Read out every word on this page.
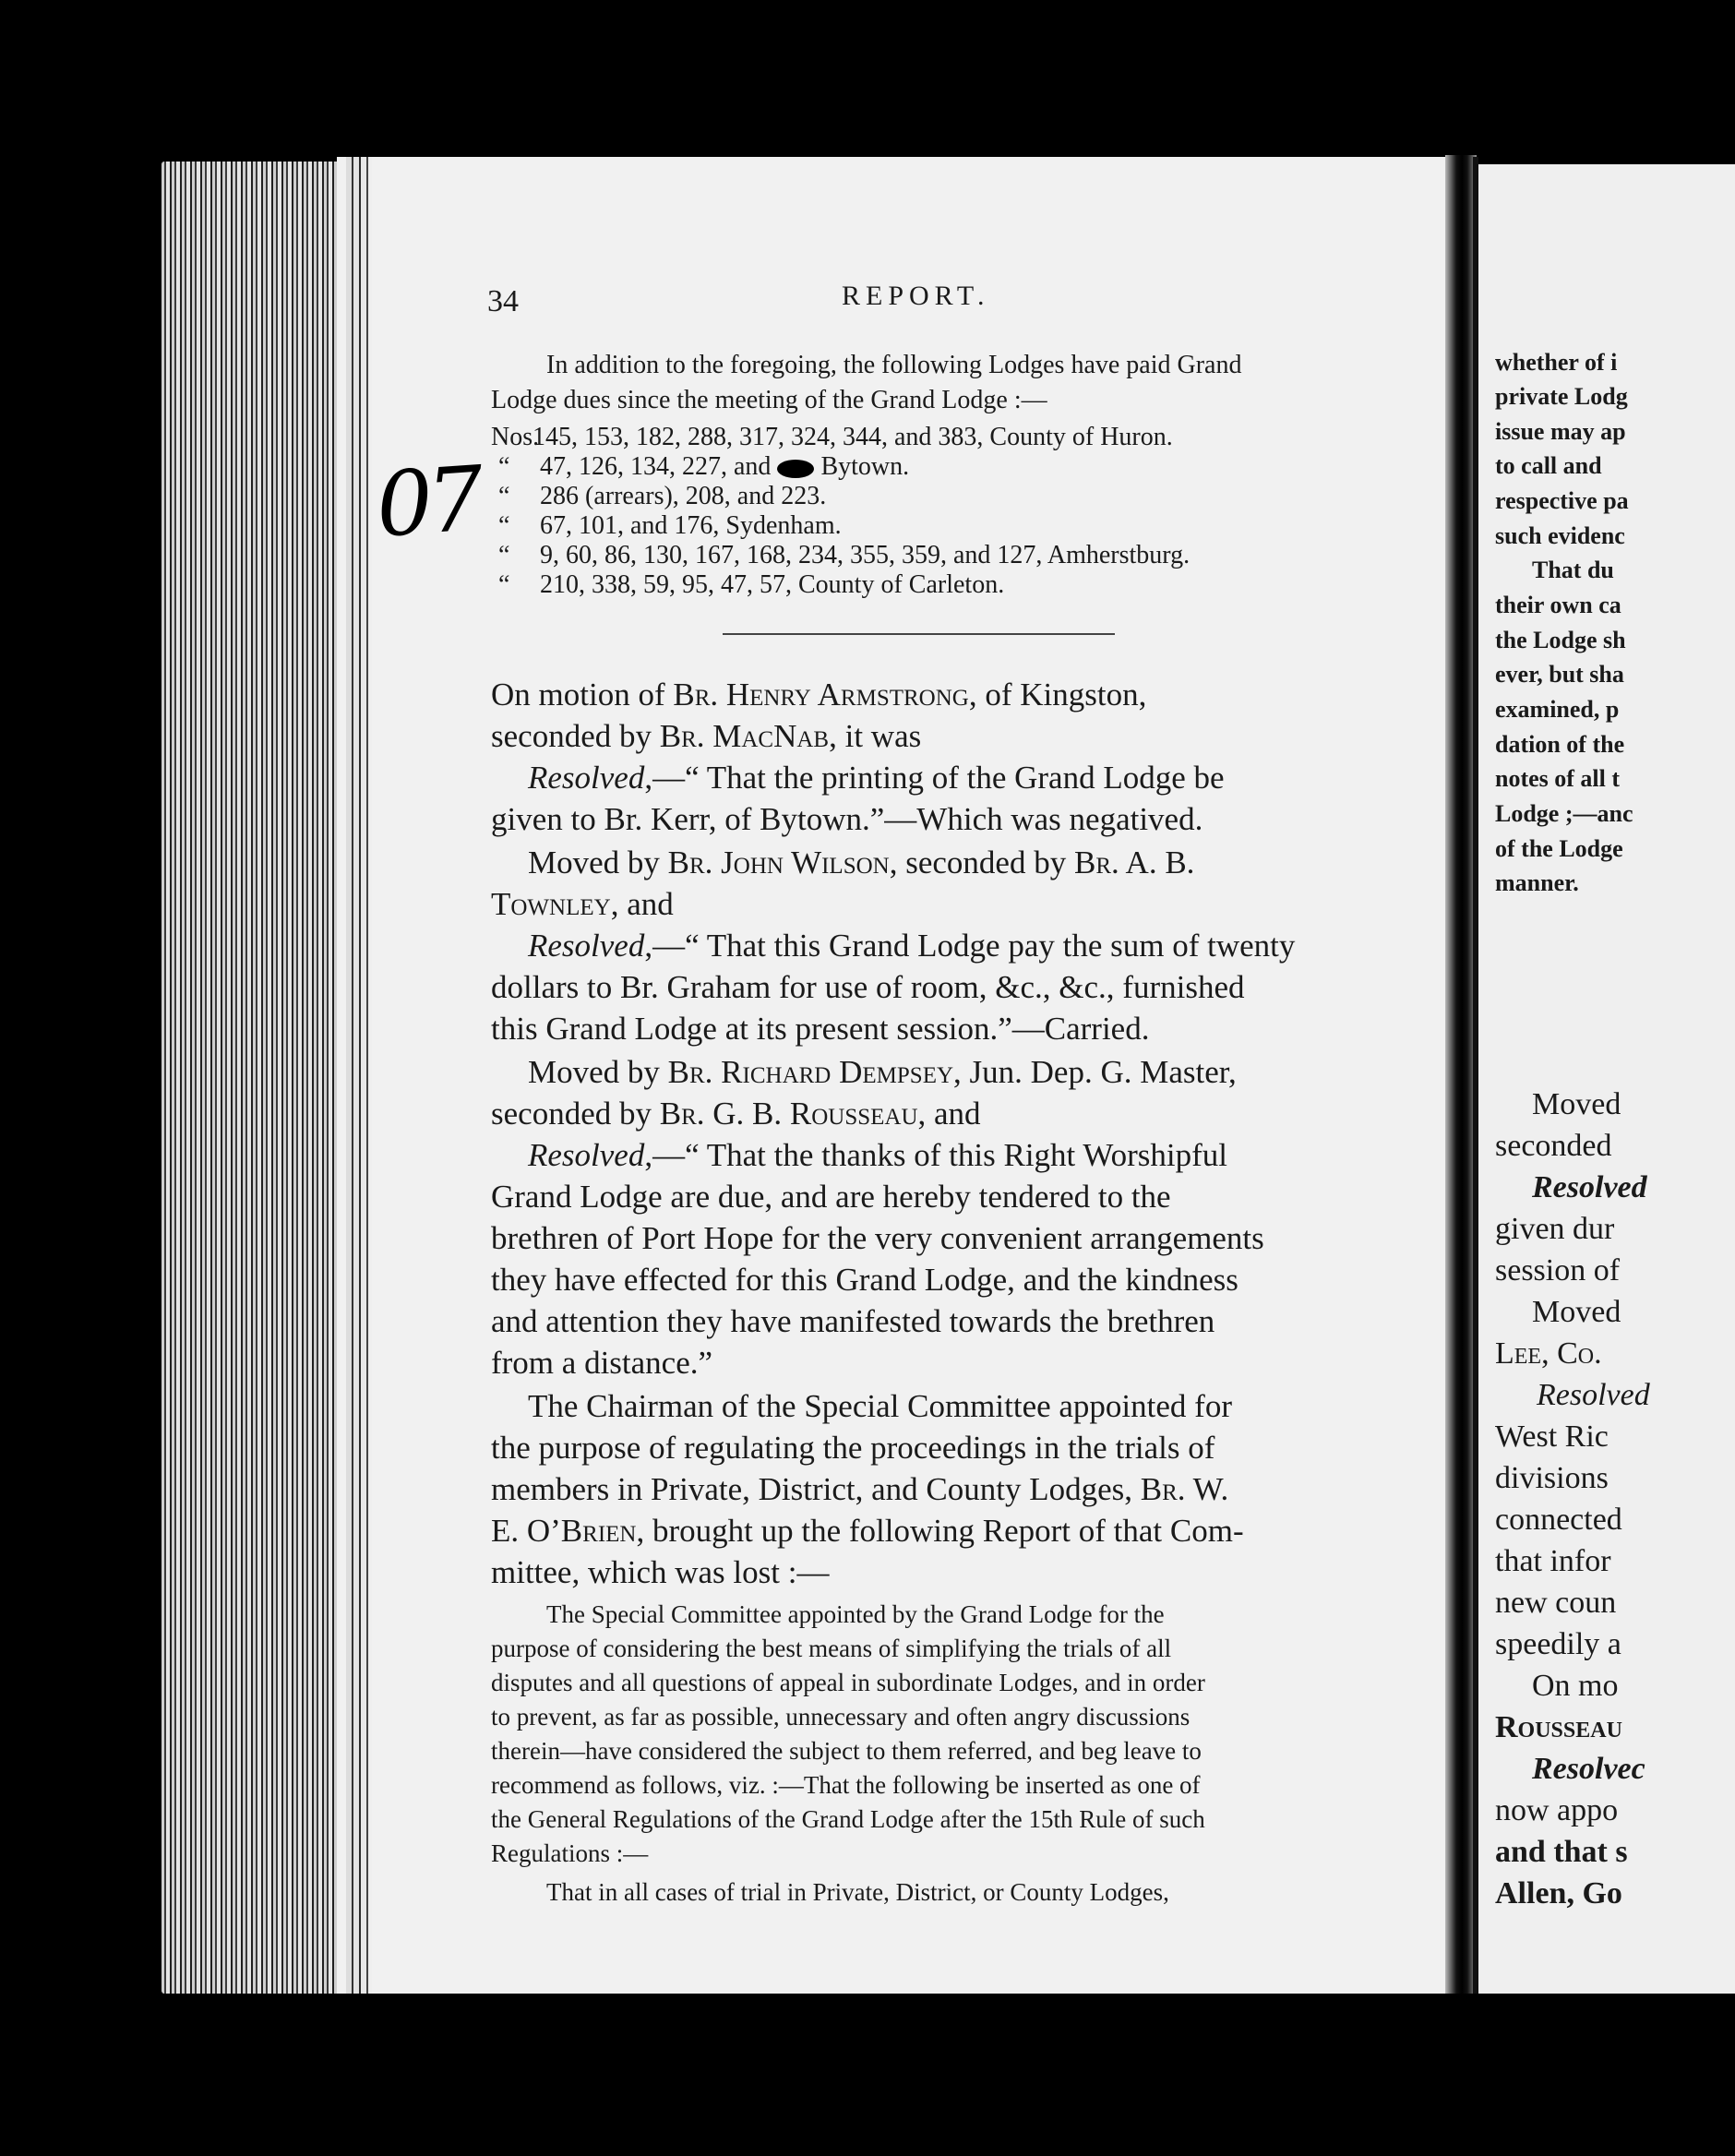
whether of i
private Lodg
issue may ap
to call and
respective pa
such evidenc
That du
their own ca
the Lodge sh
ever, but sha
examined, p
dation of the
notes of all t
Lodge ;—anc
of the Lodge
manner.
Moved
seconded
Resolved
given dur
session of
Moved
Lee, Co.
Resolved
West Ric
divisions
connected
that infor
new coun
speedily a
On mo
Rousseau
Resolvec
now appo
and that s
Allen, Go
34	REPORT.
In addition to the foregoing, the following Lodges have paid Grand
Lodge dues since the meeting of the Grand Lodge :—
Nos. 145, 153, 182, 288, 317, 324, 344, and 383, County of Huron.
“ 47, 126, 134, 227, and Bytown.
“ 286 (arrears), 208, and 223.
“ 67, 101, and 176, Sydenham.
“ 9, 60, 86, 130, 167, 168, 234, 355, 359, and 127, Amherstburg.
“ 210, 338, 59, 95, 47, 57, County of Carleton.
07
On motion of Br. Henry Armstrong, of Kingston,
seconded by Br. MacNab, it was
Resolved,—“ That the printing of the Grand Lodge be
given to Br. Kerr, of Bytown.”—Which was negatived.
Moved by Br. John Wilson, seconded by Br. A. B.
Townley, and
Resolved,—“ That this Grand Lodge pay the sum of twenty
dollars to Br. Graham for use of room, &c., &c., furnished
this Grand Lodge at its present session.”—Carried.
Moved by Br. Richard Dempsey, Jun. Dep. G. Master,
seconded by Br. G. B. Rousseau, and
Resolved,—“ That the thanks of this Right Worshipful
Grand Lodge are due, and are hereby tendered to the
brethren of Port Hope for the very convenient arrangements
they have effected for this Grand Lodge, and the kindness
and attention they have manifested towards the brethren
from a distance.”
The Chairman of the Special Committee appointed for
the purpose of regulating the proceedings in the trials of
members in Private, District, and County Lodges, Br. W.
E. O’Brien, brought up the following Report of that Com-
mittee, which was lost :—
The Special Committee appointed by the Grand Lodge for the
purpose of considering the best means of simplifying the trials of all
disputes and all questions of appeal in subordinate Lodges, and in order
to prevent, as far as possible, unnecessary and often angry discussions
therein—have considered the subject to them referred, and beg leave to
recommend as follows, viz. :—That the following be inserted as one of
the General Regulations of the Grand Lodge after the 15th Rule of such
Regulations :—
That in all cases of trial in Private, District, or County Lodges,
